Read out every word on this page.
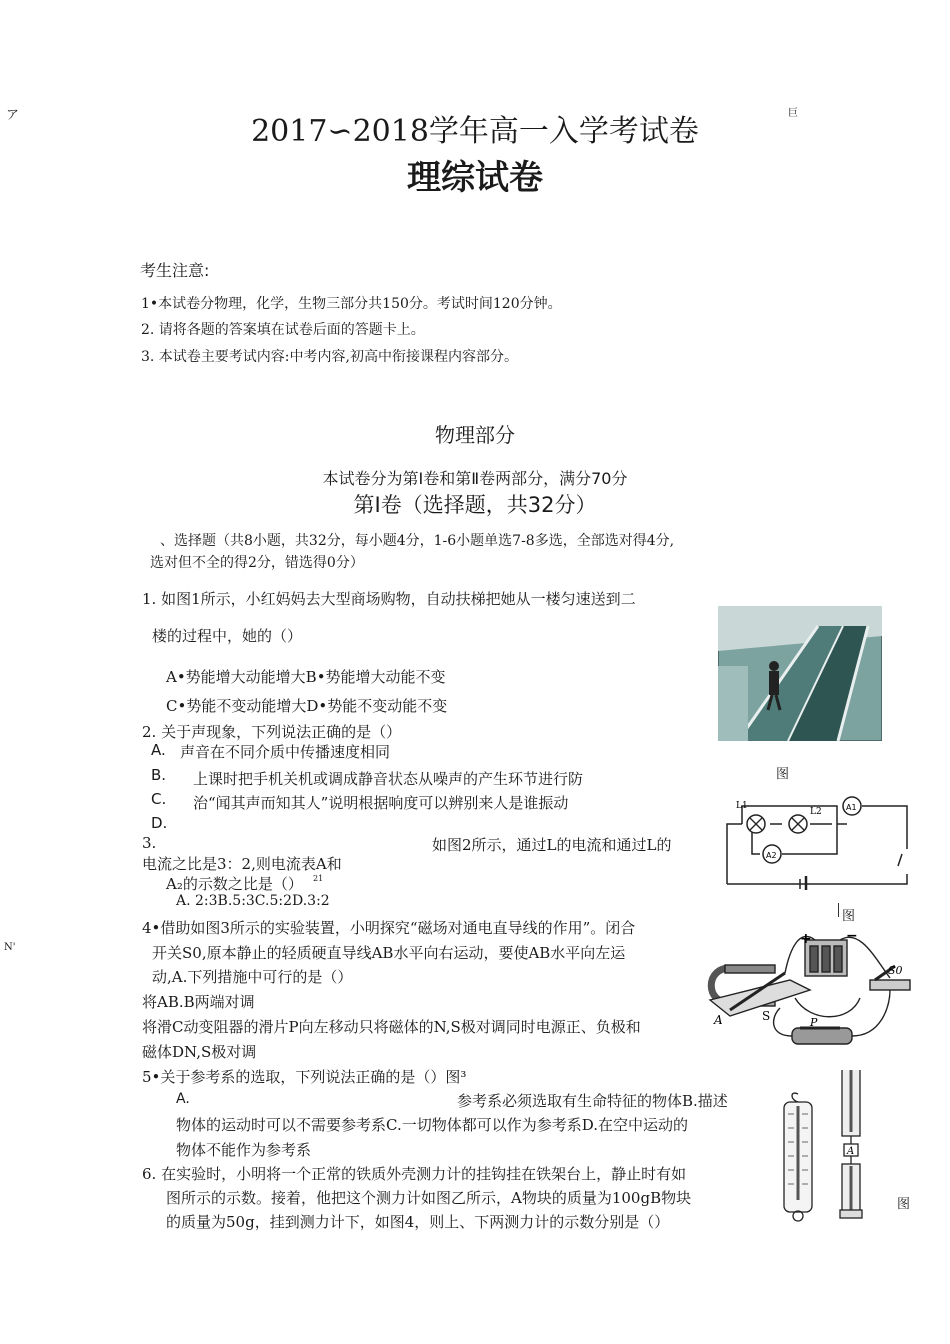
ア	巨
N'
2017∽2018学年高一入学考试卷
理综试卷
考生注意:
1•本试卷分物理，化学，生物三部分共150分。考试时间120分钟。
2. 请将各题的答案填在试卷后面的答题卡上。
3. 本试卷主要考试内容:中考内容,初高中衔接课程内容部分。
物理部分
本试卷分为第Ⅰ卷和第Ⅱ卷两部分，满分70分
第Ⅰ卷（选择题，共32分）
、选择题（共8小题，共32分，每小题4分，1-6小题单选7-8多选，全部选对得4分,
选对但不全的得2分，错选得0分）
1. 如图1所示，小红妈妈去大型商场购物，自动扶梯把她从一楼匀速送到二
楼的过程中，她的（）
A•势能增大动能增大B•势能增大动能不变
C•势能不变动能增大D•势能不变动能不变
2. 关于声现象，下列说法正确的是（）
A. 声音在不同介质中传播速度相同
B. 上课时把手机关机或调成静音状态从噪声的产生环节进行防
C. 治“闻其声而知其人”说明根据响度可以辨别来人是谁振动
D.
图
A1
A2
L1
L2
3.	如图2所示，通过L的电流和通过L的
电流之比是3：2,则电流表A和
A₂的示数之比是（） 21
A. 2:3B.5:3C.5:2D.3:2
图
4•借助如图3所示的实验装置，小明探究“磁场对通电直导线的作用”。闭合
开关S0,原本静止的轻质硬直导线AB水平向右运动，要使AB水平向左运
动,A.下列措施中可行的是（）
将AB.B两端对调
将滑C动变阻器的滑片P向左移动只将磁体的N,S极对调同时电源正、负极和
磁体DN,S极对调
+ −
S
S0
A	P
5•关于参考系的选取，下列说法正确的是（）图³
A.	参考系必须选取有生命特征的物体B.描述
物体的运动时可以不需要参考系C.一切物体都可以作为参考系D.在空中运动的
物体不能作为参考系
6. 在实验时，小明将一个正常的铁质外壳测力计的挂钩挂在铁架台上，静止时有如
图所示的示数。接着，他把这个测力计如图乙所示，A物块的质量为100gB物块
的质量为50g，挂到测力计下，如图4，则上、下两测力计的示数分别是（）
图
A
